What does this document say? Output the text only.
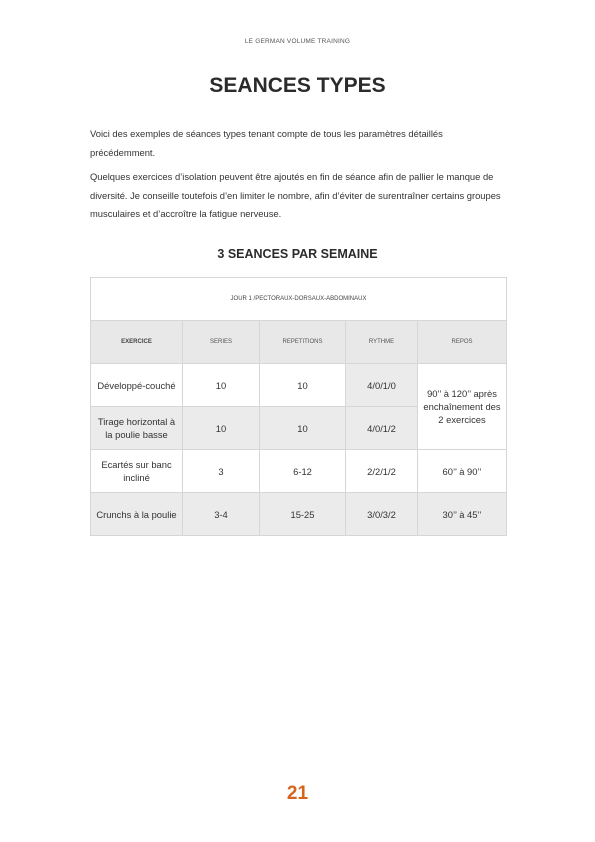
LE GERMAN VOLUME TRAINING
SEANCES TYPES

Voici des exemples de séances types tenant compte de tous les paramètres détaillés précédemment.

Quelques exercices d’isolation peuvent être ajoutés en fin de séance afin de pallier le manque de diversité. Je conseille toutefois d’en limiter le nombre, afin d’éviter de surentraîner certains groupes musculaires et d’accroître la fatigue nerveuse.

3 SEANCES PAR SEMAINE
JOUR 1 /PECTORAUX-DORSAUX-ABDOMINAUX				
EXERCICE	SERIES	REPETITIONS	RYTHME	REPOS
Développé-couché	10	10	4/0/1/0	90’’ à 120’’ après enchaînement des 2 exercices
Tirage horizontal à la poulie basse	10	10	4/0/1/2	
Ecartés sur banc incliné	3	6-12	2/2/1/2	60’’ à 90’’
Crunchs à la poulie	3-4	15-25	3/0/3/2	30’’ à 45’’
21
